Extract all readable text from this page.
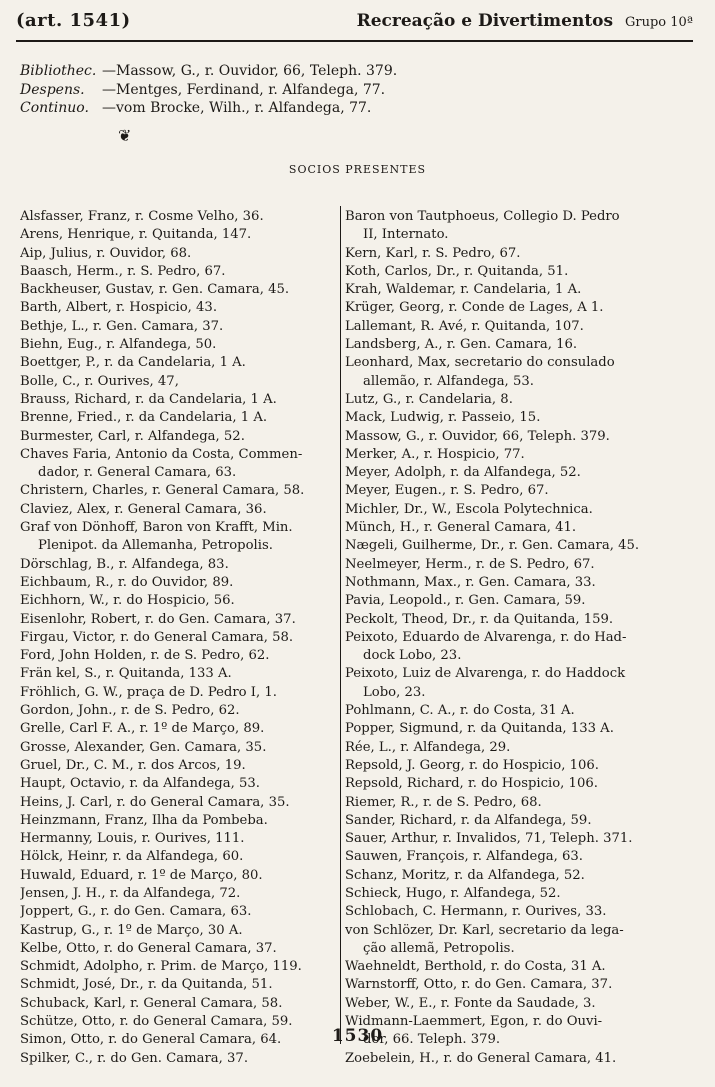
(art. 1541)	Recreação e Divertimentos Grupo 10ª
Bibliothec. —Massow, G., r. Ouvidor, 66, Teleph. 379.
Despens. —Mentges, Ferdinand, r. Alfandega, 77.
Continuo. —vom Brocke, Wilh., r. Alfandega, 77.
❦
SOCIOS PRESENTES
Alsfasser, Franz, r. Cosme Velho, 36.
Arens, Henrique, r. Quitanda, 147.
Aip, Julius, r. Ouvidor, 68.
Baasch, Herm., r. S. Pedro, 67.
Backheuser, Gustav, r. Gen. Camara, 45.
Barth, Albert, r. Hospicio, 43.
Bethje, L., r. Gen. Camara, 37.
Biehn, Eug., r. Alfandega, 50.
Boettger, P., r. da Candelaria, 1 A.
Bolle, C., r. Ourives, 47,
Brauss, Richard, r. da Candelaria, 1 A.
Brenne, Fried., r. da Candelaria, 1 A.
Burmester, Carl, r. Alfandega, 52.
Chaves Faria, Antonio da Costa, Commen-
dador, r. General Camara, 63.
Christern, Charles, r. General Camara, 58.
Claviez, Alex, r. General Camara, 36.
Graf von Dönhoff, Baron von Krafft, Min.
Plenipot. da Allemanha, Petropolis.
Dörschlag, B., r. Alfandega, 83.
Eichbaum, R., r. do Ouvidor, 89.
Eichhorn, W., r. do Hospicio, 56.
Eisenlohr, Robert, r. do Gen. Camara, 37.
Firgau, Victor, r. do General Camara, 58.
Ford, John Holden, r. de S. Pedro, 62.
Frän kel, S., r. Quitanda, 133 A.
Fröhlich, G. W., praça de D. Pedro I, 1.
Gordon, John., r. de S. Pedro, 62.
Grelle, Carl F. A., r. 1º de Março, 89.
Grosse, Alexander, Gen. Camara, 35.
Gruel, Dr., C. M., r. dos Arcos, 19.
Haupt, Octavio, r. da Alfandega, 53.
Heins, J. Carl, r. do General Camara, 35.
Heinzmann, Franz, Ilha da Pombeba.
Hermanny, Louis, r. Ourives, 111.
Hölck, Heinr, r. da Alfandega, 60.
Huwald, Eduard, r. 1º de Março, 80.
Jensen, J. H., r. da Alfandega, 72.
Joppert, G., r. do Gen. Camara, 63.
Kastrup, G., r. 1º de Março, 30 A.
Kelbe, Otto, r. do General Camara, 37.
Schmidt, Adolpho, r. Prim. de Março, 119.
Schmidt, José, Dr., r. da Quitanda, 51.
Schuback, Karl, r. General Camara, 58.
Schütze, Otto, r. do General Camara, 59.
Simon, Otto, r. do General Camara, 64.
Spilker, C., r. do Gen. Camara, 37.
Baron von Tautphoeus, Collegio D. Pedro
II, Internato.
Kern, Karl, r. S. Pedro, 67.
Koth, Carlos, Dr., r. Quitanda, 51.
Krah, Waldemar, r. Candelaria, 1 A.
Krüger, Georg, r. Conde de Lages, A 1.
Lallemant, R. Avé, r. Quitanda, 107.
Landsberg, A., r. Gen. Camara, 16.
Leonhard, Max, secretario do consulado
allemão, r. Alfandega, 53.
Lutz, G., r. Candelaria, 8.
Mack, Ludwig, r. Passeio, 15.
Massow, G., r. Ouvidor, 66, Teleph. 379.
Merker, A., r. Hospicio, 77.
Meyer, Adolph, r. da Alfandega, 52.
Meyer, Eugen., r. S. Pedro, 67.
Michler, Dr., W., Escola Polytechnica.
Münch, H., r. General Camara, 41.
Nægeli, Guilherme, Dr., r. Gen. Camara, 45.
Neelmeyer, Herm., r. de S. Pedro, 67.
Nothmann, Max., r. Gen. Camara, 33.
Pavia, Leopold., r. Gen. Camara, 59.
Peckolt, Theod, Dr., r. da Quitanda, 159.
Peixoto, Eduardo de Alvarenga, r. do Had-
dock Lobo, 23.
Peixoto, Luiz de Alvarenga, r. do Haddock
Lobo, 23.
Pohlmann, C. A., r. do Costa, 31 A.
Popper, Sigmund, r. da Quitanda, 133 A.
Rée, L., r. Alfandega, 29.
Repsold, J. Georg, r. do Hospicio, 106.
Repsold, Richard, r. do Hospicio, 106.
Riemer, R., r. de S. Pedro, 68.
Sander, Richard, r. da Alfandega, 59.
Sauer, Arthur, r. Invalidos, 71, Teleph. 371.
Sauwen, François, r. Alfandega, 63.
Schanz, Moritz, r. da Alfandega, 52.
Schieck, Hugo, r. Alfandega, 52.
Schlobach, C. Hermann, r. Ourives, 33.
von Schlözer, Dr. Karl, secretario da lega-
ção allemã, Petropolis.
Waehneldt, Berthold, r. do Costa, 31 A.
Warnstorff, Otto, r. do Gen. Camara, 37.
Weber, W., E., r. Fonte da Saudade, 3.
Widmann-Laemmert, Egon, r. do Ouvi-
dor, 66. Teleph. 379.
Zoebelein, H., r. do General Camara, 41.
1530
